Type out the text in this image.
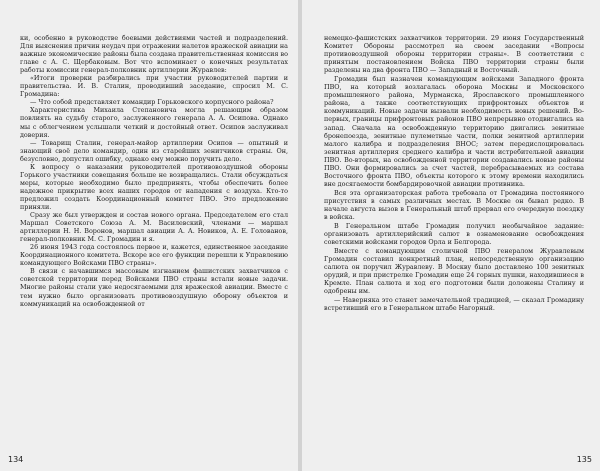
ки, особенно в руководстве боевыми действиями частей и подразделений. Для выяснения причин неудач при отражении налетов вражеской авиации на важные экономические районы была создана правительственная комиссия во главе с А. С. Щербаковым. Вот что вспоминает о конечных результатах работы комиссии генерал-полковник артиллерии Журавлев:

«Итоги проверки разбирались при участии руководителей партии и правительства. И. В. Сталин, проводивший заседание, спросил М. С. Громадина:

— Что собой представляет командир Горьковского корпусного района?

Характеристика Михаила Степановича могла решающим образом повлиять на судьбу старого, заслуженного генерала А. А. Осипова. Однако мы с облегчением услышали четкий и достойный ответ. Осипов заслуживал доверия.

— Товарищ Сталин, генерал-майор артиллерии Осипов — опытный и знающий своё дело командир, один из старейших зенитчиков страны. Он, безусловно, допустил ошибку, однако ему можно поручить дело.

К вопросу о наказании руководителей противовоздушной обороны Горького участники совещания больше не возвращались. Стали обсуждаться меры, которые необходимо было предпринять, чтобы обеспечить более надежное прикрытие всех наших городов от нападения с воздуха. Кто-то предложил создать Координационный комитет ПВО. Это предложение приняли.

Сразу же был утвержден и состав нового органа. Председателем его стал Маршал Советского Союза А. М. Василевский, членами — маршал артиллерии Н. Н. Воронов, маршал авиации А. А. Новиков, А. Е. Голованов, генерал-полковник М. С. Громадин и я.

26 июня 1943 года состоялось первое и, кажется, единственное заседание Координационного комитета. Вскоре все его функции перешли к Управлению командующего Войсками ПВО страны».

В связи с начавшимся массовым изгнанием фашистских захватчиков с советской территории перед Войсками ПВО страны встали новые задачи. Многие районы стали уже недосягаемыми для вражеской авиации. Вместе с тем нужно было организовать противовоздушную оборону объектов и коммуникаций на освобожденной от

134

немецко-фашистских захватчиков территории. 29 июня Государственный Комитет Обороны рассмотрел на своем заседании «Вопросы противовоздушной обороны территории страны». В соответствии с принятым постановлением Войска ПВО территории страны были разделены на два фронта ПВО — Западный и Восточный.

Громадин был назначен командующим войсками Западного фронта ПВО, на который возлагалась оборона Москвы и Московского промышленного района, Мурманска, Ярославского промышленного района, а также соответствующих прифронтовых объектов и коммуникаций. Новые задачи вызвали необходимость новых решений. Во-первых, границы прифронтовых районов ПВО непрерывно отодвигались на запад. Сначала на освобожденную территорию двигались зенитные бронепоезда, зенитные пулеметные части, полки зенитной артиллерии малого калибра и подразделения ВНОС; затем передислоцировалась зенитная артиллерия среднего калибра и части истребительной авиации ПВО. Во-вторых, на освобожденной территории создавались новые районы ПВО. Они формировались за счет частей, перебрасываемых из состава Восточного фронта ПВО, объекты которого к этому времени находились вне досягаемости бомбардировочной авиации противника.

Вся эта организаторская работа требовала от Громадина постоянного присутствия в самых различных местах. В Москве он бывал редко. В начале августа вызов в Генеральный штаб прервал его очередную поездку в войска.

В Генеральном штабе Громадин получил необычайное задание: организовать артиллерийский салют в ознаменование освобождения советскими войсками городов Орла и Белгорода.

Вместе с командующим столичной ПВО генералом Журавлевым Громадин составил конкретный план, непосредственную организацию салюта он поручил Журавлеву. В Москву было доставлено 100 зенитных орудий, и при пристрелке Громадин еще 24 горных пушки, находившиеся в Кремле. План салюта и ход его подготовки были доложены Сталину и одобрены им.

— Наверняка это станет замечательной традицией, — сказал Громадину встретивший его в Генеральном штабе Нагорный.

135
